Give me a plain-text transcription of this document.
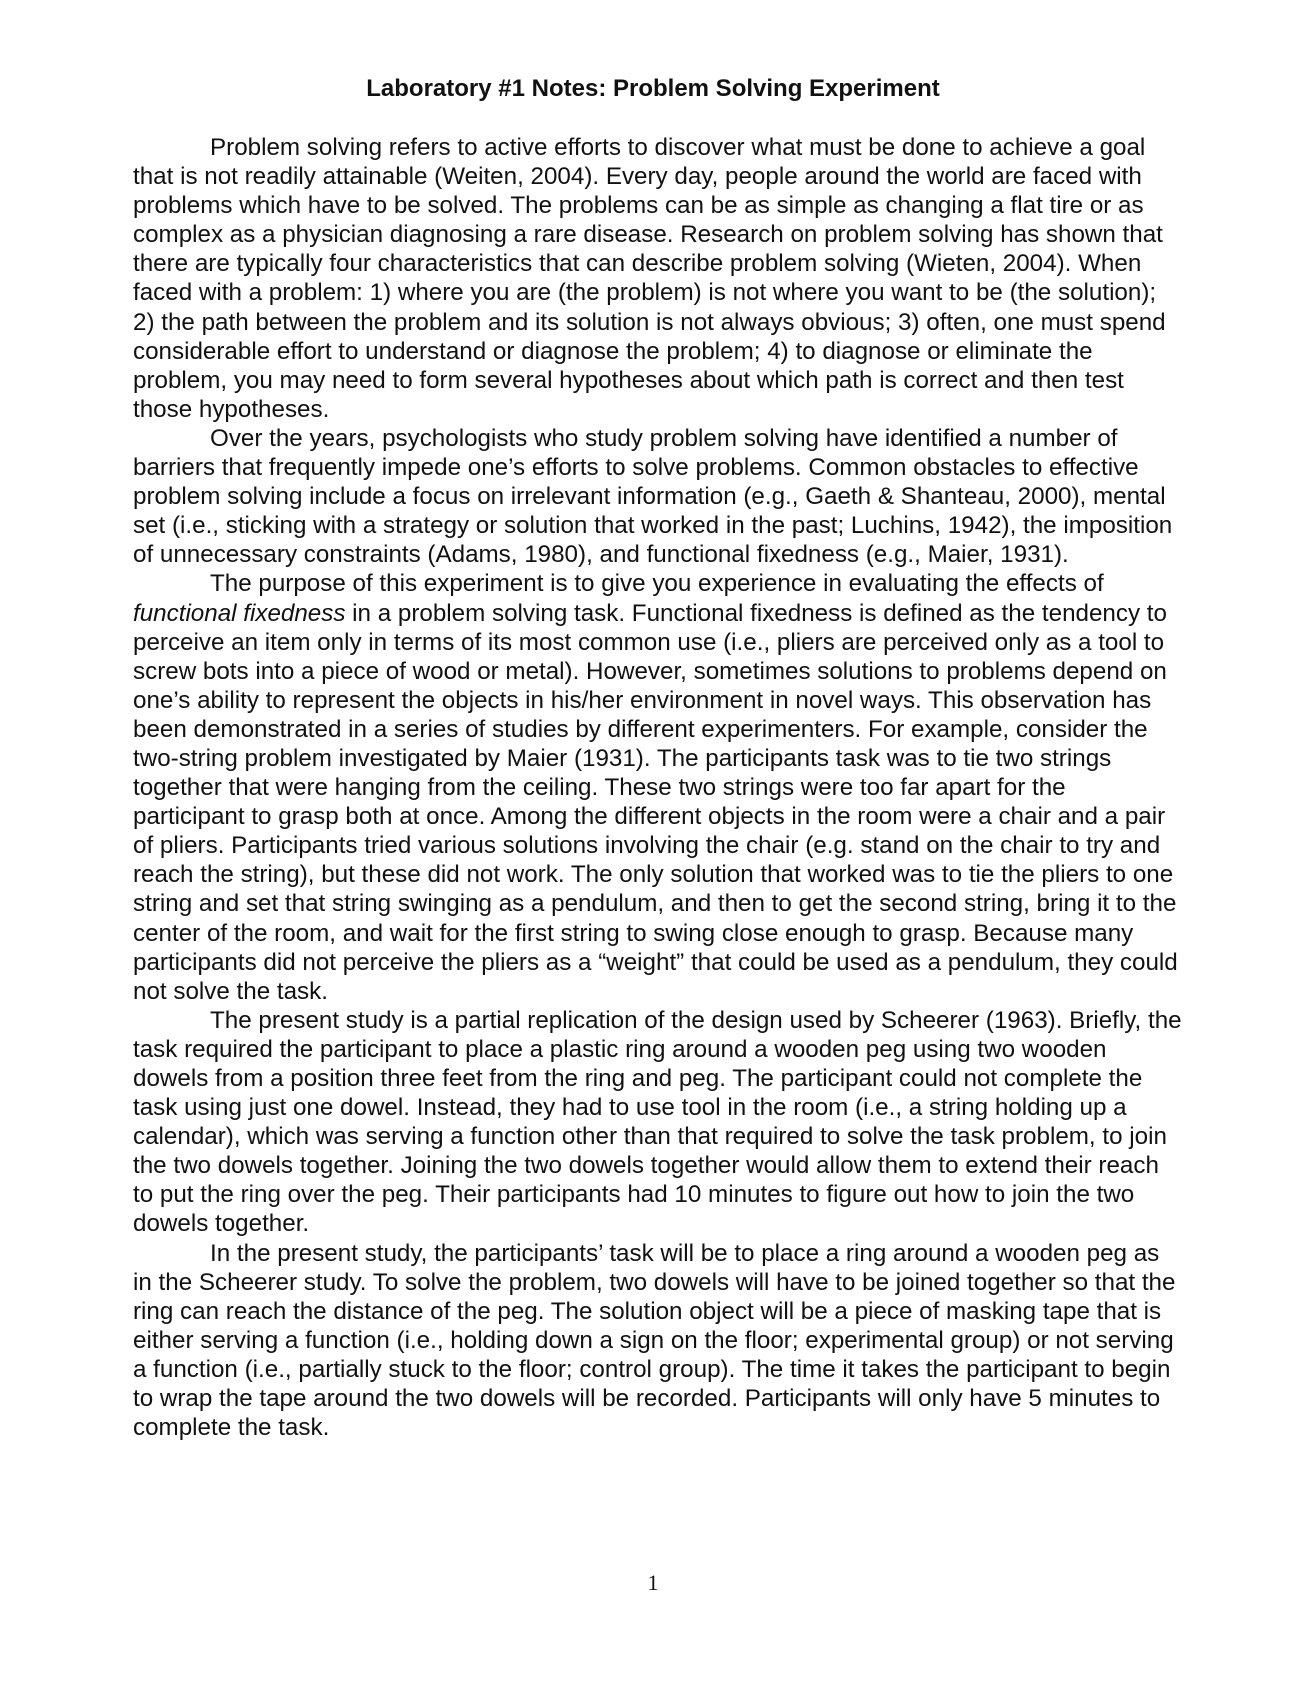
Laboratory #1 Notes: Problem Solving Experiment

Problem solving refers to active efforts to discover what must be done to achieve a goal that is not readily attainable (Weiten, 2004). Every day, people around the world are faced with problems which have to be solved. The problems can be as simple as changing a flat tire or as complex as a physician diagnosing a rare disease. Research on problem solving has shown that there are typically four characteristics that can describe problem solving (Wieten, 2004). When faced with a problem: 1) where you are (the problem) is not where you want to be (the solution); 2) the path between the problem and its solution is not always obvious; 3) often, one must spend considerable effort to understand or diagnose the problem; 4) to diagnose or eliminate the problem, you may need to form several hypotheses about which path is correct and then test those hypotheses.

Over the years, psychologists who study problem solving have identified a number of barriers that frequently impede one’s efforts to solve problems. Common obstacles to effective problem solving include a focus on irrelevant information (e.g., Gaeth & Shanteau, 2000), mental set (i.e., sticking with a strategy or solution that worked in the past; Luchins, 1942), the imposition of unnecessary constraints (Adams, 1980), and functional fixedness (e.g., Maier, 1931).

The purpose of this experiment is to give you experience in evaluating the effects of functional fixedness in a problem solving task. Functional fixedness is defined as the tendency to perceive an item only in terms of its most common use (i.e., pliers are perceived only as a tool to screw bots into a piece of wood or metal). However, sometimes solutions to problems depend on one’s ability to represent the objects in his/her environment in novel ways. This observation has been demonstrated in a series of studies by different experimenters. For example, consider the two-string problem investigated by Maier (1931). The participants task was to tie two strings together that were hanging from the ceiling. These two strings were too far apart for the participant to grasp both at once. Among the different objects in the room were a chair and a pair of pliers. Participants tried various solutions involving the chair (e.g. stand on the chair to try and reach the string), but these did not work. The only solution that worked was to tie the pliers to one string and set that string swinging as a pendulum, and then to get the second string, bring it to the center of the room, and wait for the first string to swing close enough to grasp. Because many participants did not perceive the pliers as a “weight” that could be used as a pendulum, they could not solve the task.

The present study is a partial replication of the design used by Scheerer (1963). Briefly, the task required the participant to place a plastic ring around a wooden peg using two wooden dowels from a position three feet from the ring and peg. The participant could not complete the task using just one dowel. Instead, they had to use tool in the room (i.e., a string holding up a calendar), which was serving a function other than that required to solve the task problem, to join the two dowels together. Joining the two dowels together would allow them to extend their reach to put the ring over the peg. Their participants had 10 minutes to figure out how to join the two dowels together.

In the present study, the participants’ task will be to place a ring around a wooden peg as in the Scheerer study. To solve the problem, two dowels will have to be joined together so that the ring can reach the distance of the peg. The solution object will be a piece of masking tape that is either serving a function (i.e., holding down a sign on the floor; experimental group) or not serving a function (i.e., partially stuck to the floor; control group). The time it takes the participant to begin to wrap the tape around the two dowels will be recorded. Participants will only have 5 minutes to complete the task.

1
